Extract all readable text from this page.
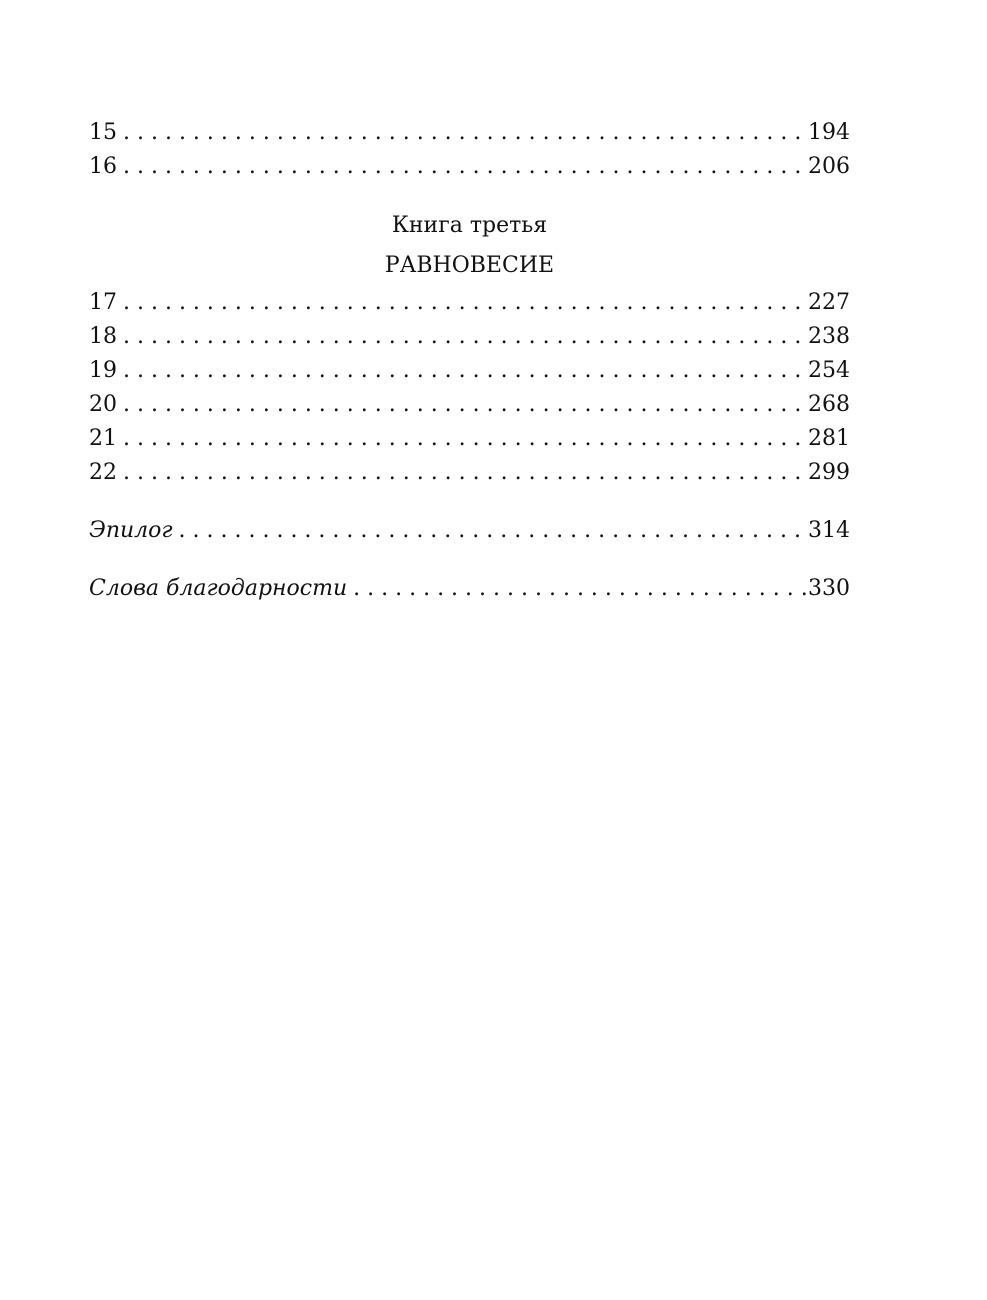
15 . . .	194
16 . . .	206
Книга третья
РАВНОВЕСИЕ
17 . . .	227
18 . . .	238
19 . . .	254
20 . . .	268
21 . . .	281
22 . . .	299
Эпилог . . .	314
Слова благодарности . . .	330
